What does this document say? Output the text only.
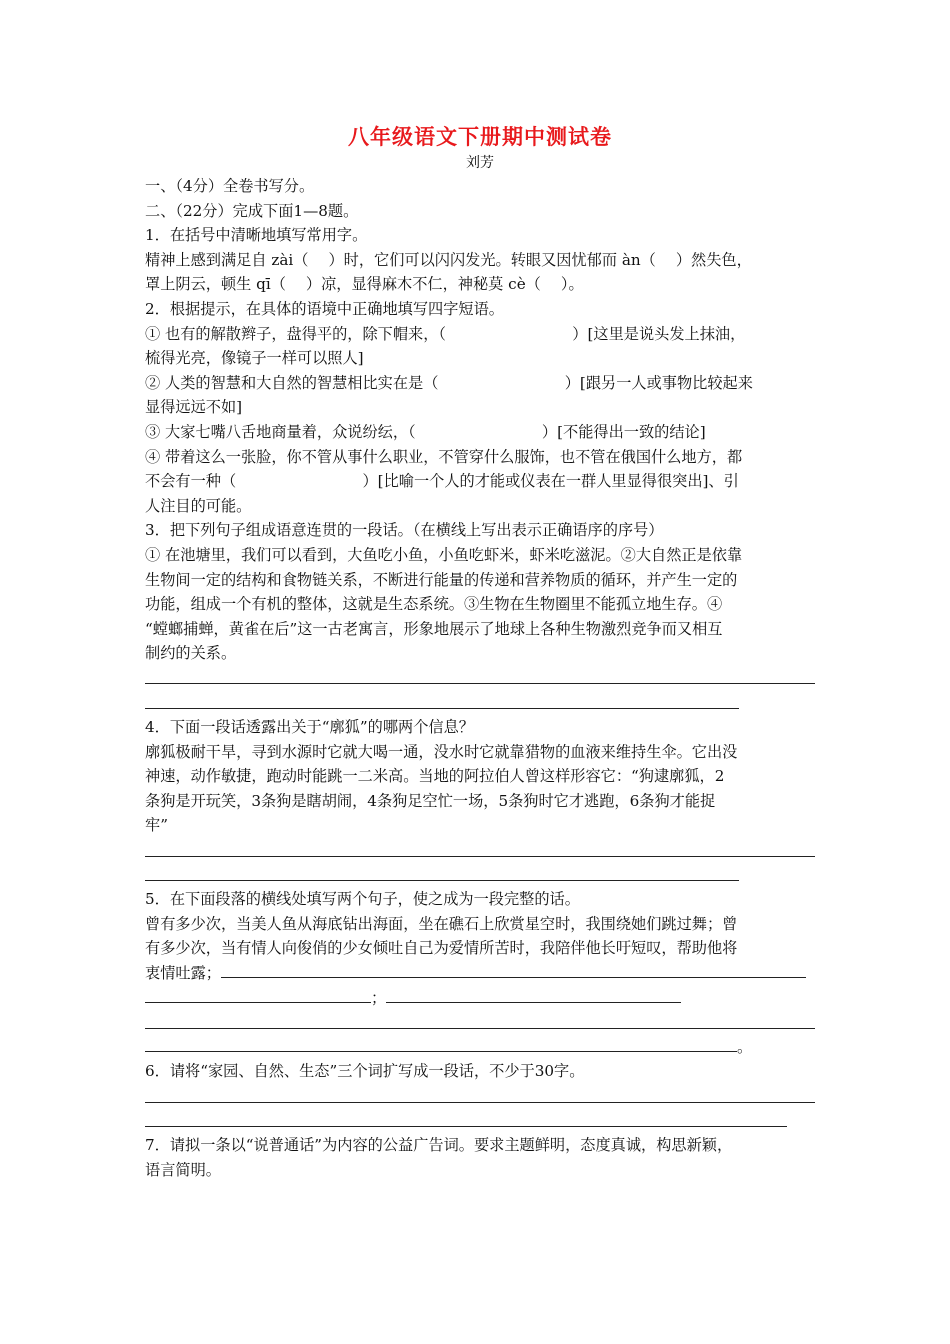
八年级语文下册期中测试卷
刘芳

一、（4分）全卷书写分。

二、（22分）完成下面1—8题。

1．在括号中清晰地填写常用字。

精神上感到满足自 zài（　 ）时，它们可以闪闪发光。转眼又因忧郁而 àn（　 ）然失色，

罩上阴云，顿生 qī（　 ）凉，显得麻木不仁，神秘莫 cè（　 ）。

2．根据提示，在具体的语境中正确地填写四字短语。

① 也有的解散辫子，盘得平的，除下帽来，（　　　　　　　　 ）[这里是说头发上抹油，

梳得光亮，像镜子一样可以照人]

② 人类的智慧和大自然的智慧相比实在是（　　　　　　　　 ）[跟另一人或事物比较起来

显得远远不如]

③ 大家七嘴八舌地商量着，众说纷纭，（　　　　　　　　 ）[不能得出一致的结论]

④ 带着这么一张脸，你不管从事什么职业，不管穿什么服饰，也不管在俄国什么地方，都

不会有一种（　　　　　　　　 ）[比喻一个人的才能或仪表在一群人里显得很突出]、引

人注目的可能。

3．把下列句子组成语意连贯的一段话。（在横线上写出表示正确语序的序号）

① 在池塘里，我们可以看到，大鱼吃小鱼，小鱼吃虾米，虾米吃滋泥。②大自然正是依靠

生物间一定的结构和食物链关系，不断进行能量的传递和营养物质的循环，并产生一定的

功能，组成一个有机的整体，这就是生态系统。③生物在生物圈里不能孤立地生存。④

“螳螂捕蝉，黄雀在后”这一古老寓言，形象地展示了地球上各种生物激烈竞争而又相互

制约的关系。

4．下面一段话透露出关于“廓狐”的哪两个信息？

廓狐极耐干旱，寻到水源时它就大喝一通，没水时它就靠猎物的血液来维持生伞。它出没

神速，动作敏捷，跑动时能跳一二米高。当地的阿拉伯人曾这样形容它：“狗逮廓狐，2

条狗是开玩笑，3条狗是瞎胡闹，4条狗足空忙一场，5条狗时它才逃跑，6条狗才能捉

牢”

5．在下面段落的横线处填写两个句子，使之成为一段完整的话。

曾有多少次，当美人鱼从海底钻出海面，坐在礁石上欣赏星空时，我围绕她们跳过舞；曾

有多少次，当有情人向俊俏的少女倾吐自己为爱情所苦时，我陪伴他长吁短叹，帮助他将

衷情吐露；
；
。

6．请将“家园、自然、生态”三个词扩写成一段话，不少于30字。

7．请拟一条以“说普通话”为内容的公益广告词。要求主题鲜明，态度真诚，构思新颖，

语言简明。
